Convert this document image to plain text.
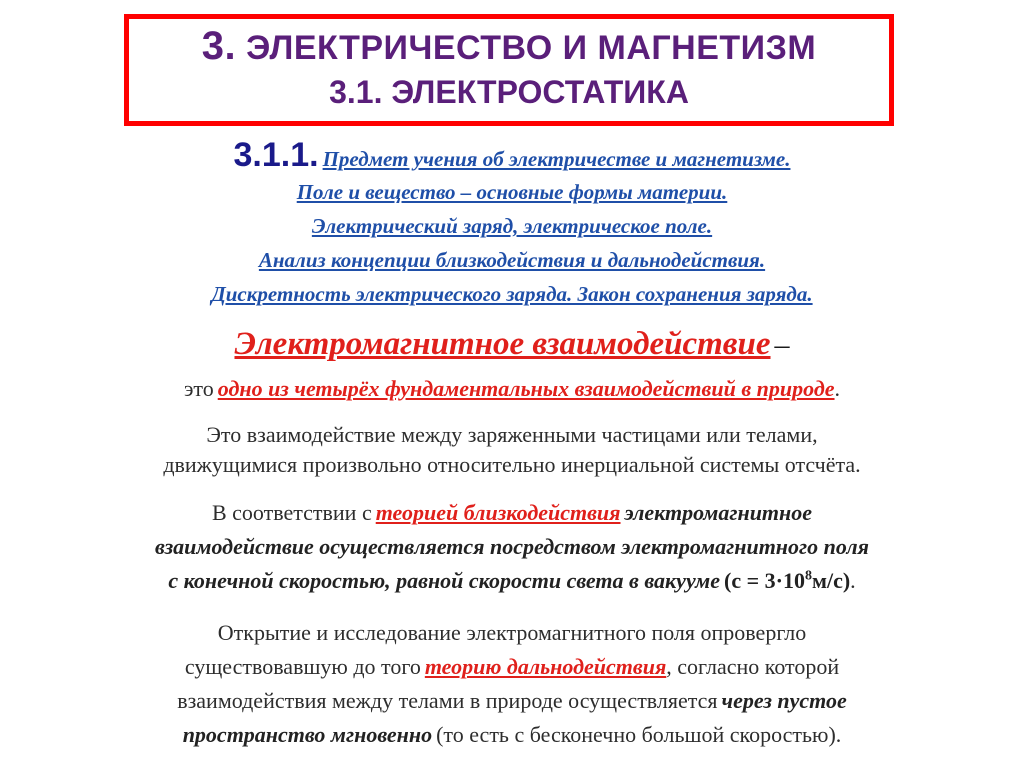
3. ЭЛЕКТРИЧЕСТВО И МАГНЕТИЗМ
3.1. ЭЛЕКТРОСТАТИКА
3.1.1. Предмет учения об электричестве и магнетизме.
Поле и вещество – основные формы материи.
Электрический заряд, электрическое поле.
Анализ концепции близкодействия и дальнодействия.
Дискретность электрического заряда. Закон сохранения заряда.
Электромагнитное взаимодействие –
это одно из четырёх фундаментальных взаимодействий в природе.
Это взаимодействие между заряженными частицами или телами,
движущимися произвольно относительно инерциальной системы отсчёта.
В соответствии с теорией близкодействия электромагнитное
взаимодействие осуществляется посредством электромагнитного поля
с конечной скоростью, равной скорости света в вакууме $(с = 3\cdot 10^8м/с)$.
Открытие и исследование электромагнитного поля опровергло
существовавшую до того теорию дальнодействия, согласно которой
взаимодействия между телами в природе осуществляется через пустое
пространство мгновенно (то есть с бесконечно большой скоростью).
